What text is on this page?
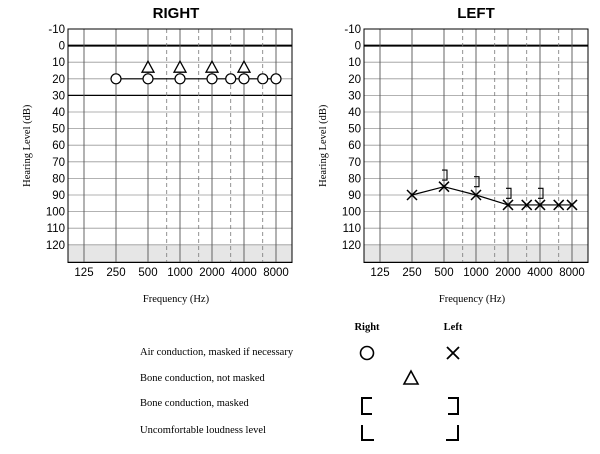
RIGHT
-10
0
10
20
30
40
50
60
70
80
90
100
110
120
125 250 500 1000 2000 4000 8000
Frequency (Hz)
Hearing Level (dB)
LEFT
-10
0
10
20
30
40
50
60
70
80
90
100
110
120
125 250 500 1000 2000 4000 8000
Frequency (Hz)
Hearing Level (dB)
Right	Left
Air conduction, masked if necessary
Bone conduction, not masked
Bone conduction, masked
Uncomfortable loudness level
